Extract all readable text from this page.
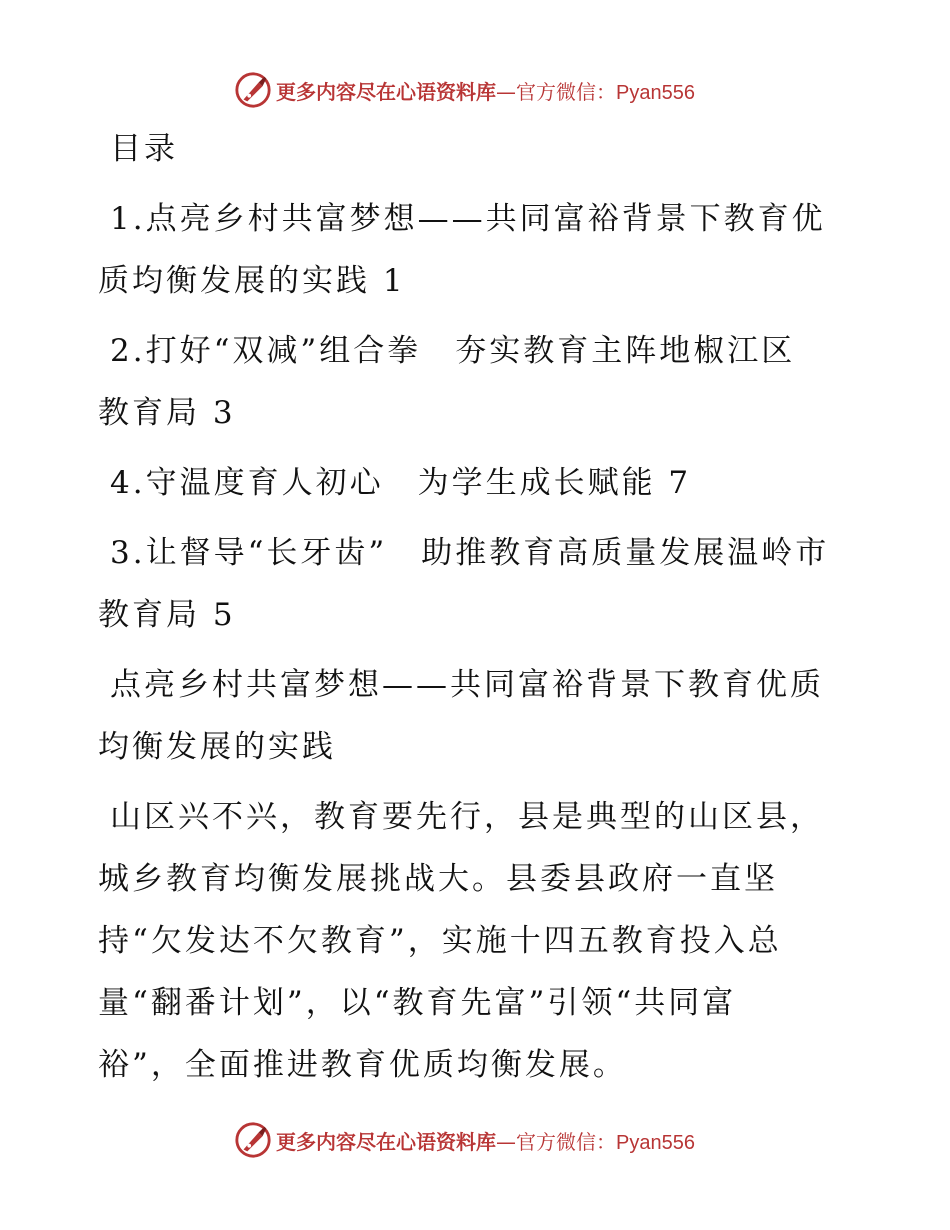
更多内容尽在心语资料库—官方微信：Pyan556
目录
1.点亮乡村共富梦想——共同富裕背景下教育优
质均衡发展的实践 1
2.打好“双减”组合拳　夯实教育主阵地椒江区
教育局 3
4.守温度育人初心　为学生成长赋能 7
3.让督导“长牙齿”　助推教育高质量发展温岭市
教育局 5
点亮乡村共富梦想——共同富裕背景下教育优质
均衡发展的实践
山区兴不兴，教育要先行，县是典型的山区县，
城乡教育均衡发展挑战大。县委县政府一直坚
持“欠发达不欠教育”，实施十四五教育投入总
量“翻番计划”，以“教育先富”引领“共同富
裕”，全面推进教育优质均衡发展。
更多内容尽在心语资料库—官方微信：Pyan556
